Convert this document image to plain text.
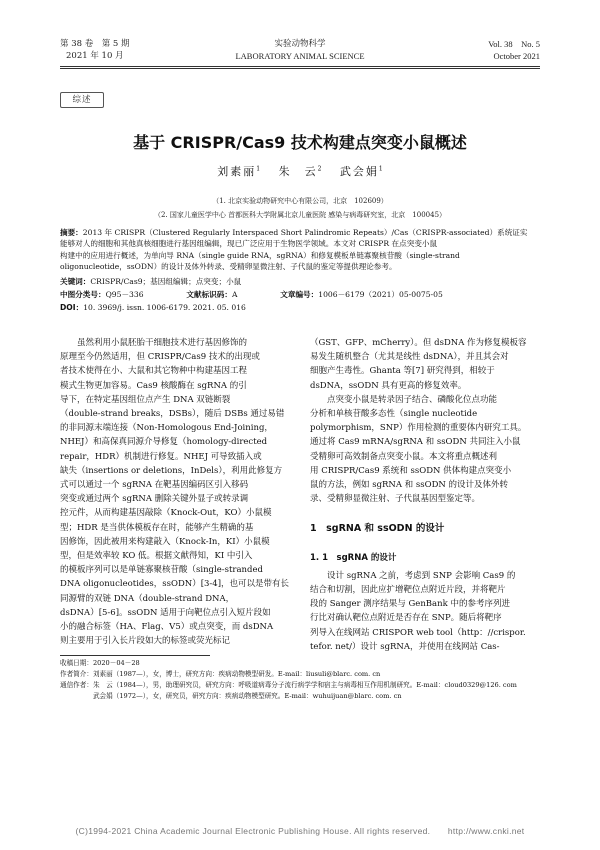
第 38 卷　第 5 期
2021 年 10 月
实验动物科学
LABORATORY ANIMAL SCIENCE
Vol. 38　No. 5
October 2021
综述
基于 CRISPR/Cas9 技术构建点突变小鼠概述
刘素丽$^1$　 朱　云$^2$　 武会娟$^1$
（1. 北京实验动物研究中心有限公司，北京　102609）
（2. 国家儿童医学中心 首都医科大学附属北京儿童医院 感染与病毒研究室，北京　100045）
摘要：2013 年 CRISPR（Clustered Regularly Interspaced Short Palindromic Repeats）/Cas（CRISPR-associated）系统证实
能够对人的细胞和其他真核细胞进行基因组编辑，现已广泛应用于生物医学领域。本文对 CRISPR 在点突变小鼠
构建中的应用进行概述，为单向导 RNA（single guide RNA，sgRNA）和修复模板单链寡聚核苷酸（single-strand
oligonucleotide，ssODN）的设计及体外转录、受精卵显微注射、子代鼠的鉴定等提供理论参考。
关键词：CRISPR/Cas9；基因组编辑；点突变；小鼠
中图分类号：Q95－336	文献标识码：A	文章编号：1006－6179（2021）05-0075-05
DOI：10. 3969/j. issn. 1006-6179. 2021. 05. 016
　　虽然利用小鼠胚胎干细胞技术进行基因修饰的
原理至今仍然适用，但 CRISPR/Cas9 技术的出现或
者技术使得在小、大鼠和其它物种中构建基因工程
模式生物更加容易。Cas9 核酸酶在 sgRNA 的引
导下，在特定基因组位点产生 DNA 双链断裂
（double-strand breaks，DSBs），随后 DSBs 通过易错
的非同源末端连接（Non-Homologous End-Joining，
NHEJ）和高保真同源介导修复（homology-directed
repair，HDR）机制进行修复。NHEJ 可导致插入或
缺失（insertions or deletions，InDels），利用此修复方
式可以通过一个 sgRNA 在靶基因编码区引入移码
突变或通过两个 sgRNA 删除关键外显子或转录调
控元件，从而构建基因敲除（Knock-Out，KO）小鼠模
型；HDR 是当供体模板存在时，能够产生精确的基
因修饰，因此被用来构建敲入（Knock-In，KI）小鼠模
型，但是效率较 KO 低。根据文献得知，KI 中引入
的模板序列可以是单链寡聚核苷酸（single-stranded
DNA oligonucleotides，ssODN）[3-4]，也可以是带有长
同源臂的双链 DNA（double-strand DNA，
dsDNA）[5-6]。ssODN 适用于向靶位点引入短片段如
小的融合标签（HA、Flag、V5）或点突变，而 dsDNA
则主要用于引入长片段如大的标签或荧光标记
（GST、GFP、mCherry）。但 dsDNA 作为修复模板容
易发生随机整合（尤其是线性 dsDNA），并且其会对
细胞产生毒性。Ghanta 等[7] 研究得到，相较于
dsDNA，ssODN 具有更高的修复效率。
　　点突变小鼠是转录因子结合、磷酸化位点功能
分析和单核苷酸多态性（single nucleotide
polymorphism，SNP）作用检测的重要体内研究工具。
通过将 Cas9 mRNA/sgRNA 和 ssODN 共同注入小鼠
受精卵可高效制备点突变小鼠。本文将重点概述利
用 CRISPR/Cas9 系统和 ssODN 供体构建点突变小
鼠的方法，例如 sgRNA 和 ssODN 的设计及体外转
录、受精卵显微注射、子代鼠基因型鉴定等。
1　sgRNA 和 ssODN 的设计
1. 1　sgRNA 的设计
　　设计 sgRNA 之前，考虑到 SNP 会影响 Cas9 的
结合和切割，因此应扩增靶位点附近片段，并将靶片
段的 Sanger 测序结果与 GenBank 中的参考序列进
行比对确认靶位点附近是否存在 SNP。随后将靶序
列导入在线网站 CRISPOR web tool（http：//crispor.
tefor. net/）设计 sgRNA，并使用在线网站 Cas-
收稿日期：2020－04－28
作者简介：刘素丽（1987—），女，博士，研究方向：疾病动物模型研发。E-mail：liusuli@blarc. com. cn
通信作者：朱　云（1984—），男，助理研究员，研究方向：呼吸道病毒分子流行病学学和宿主与病毒相互作用机制研究。E-mail：cloud0329@126. com
　　　　　武会娟（1972—），女，研究员，研究方向：疾病动物模型研究。E-mail：wuhuijuan@blarc. com. cn
(C)1994-2021 China Academic Journal Electronic Publishing House. All rights reserved.　　http://www.cnki.net
